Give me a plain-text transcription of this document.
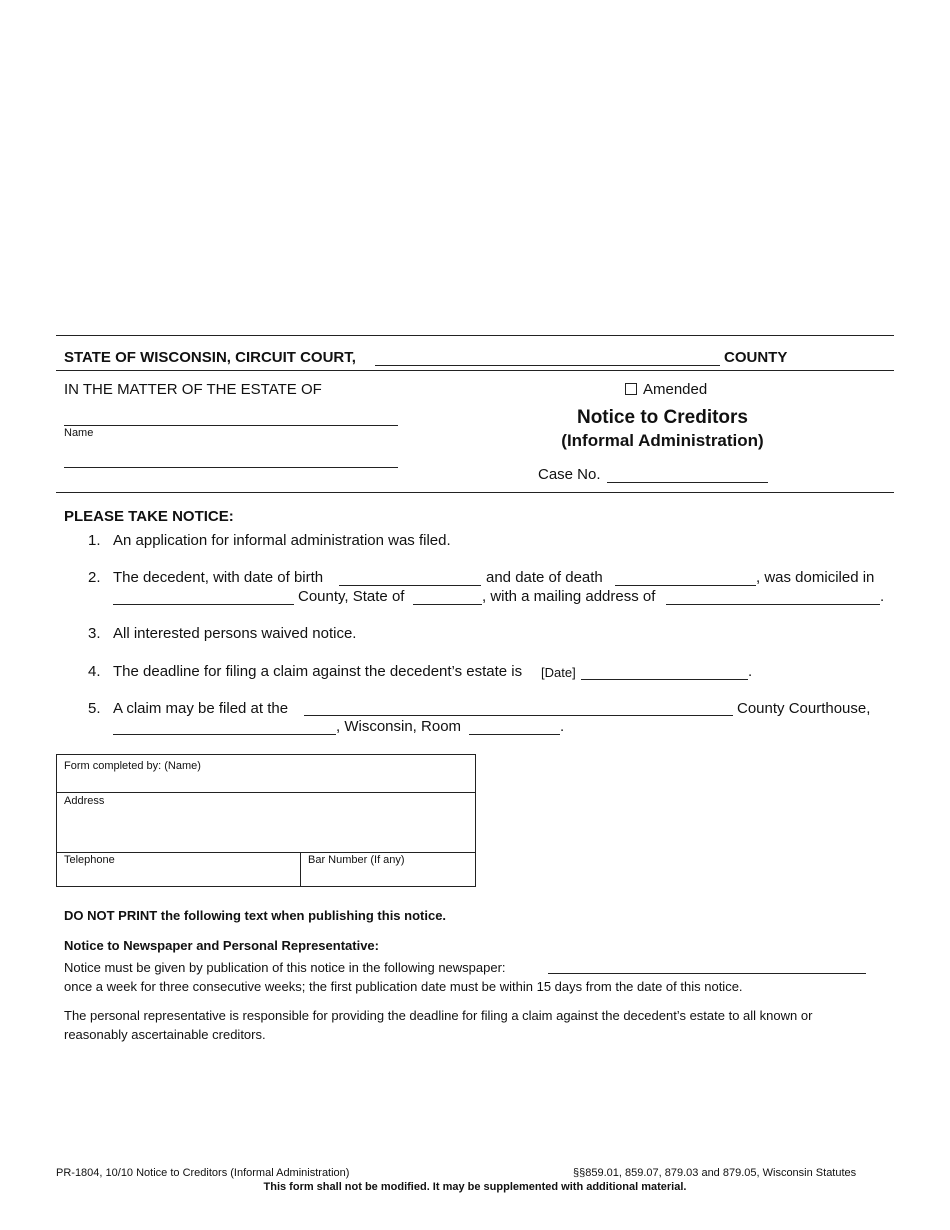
STATE OF WISCONSIN, CIRCUIT COURT,	COUNTY
IN THE MATTER OF THE ESTATE OF	Amended
Name
Notice to Creditors
(Informal Administration)
Case No.
PLEASE TAKE NOTICE:
1. An application for informal administration was filed.
2. The decedent, with date of birth	and date of death	, was domiciled in
County, State of	, with a mailing address of	.
3. All interested persons waived notice.
4. The deadline for filing a claim against the decedent’s estate is [Date]	.
5. A claim may be filed at the	County Courthouse,
, Wisconsin, Room	.
Form completed by: (Name)
Address
Telephone	Bar Number (If any)
DO NOT PRINT the following text when publishing this notice.
Notice to Newspaper and Personal Representative:
Notice must be given by publication of this notice in the following newspaper:
once a week for three consecutive weeks; the first publication date must be within 15 days from the date of this notice.
The personal representative is responsible for providing the deadline for filing a claim against the decedent’s estate to all known or
reasonably ascertainable creditors.
PR-1804, 10/10 Notice to Creditors (Informal Administration)	§§859.01, 859.07, 879.03 and 879.05, Wisconsin Statutes
This form shall not be modified. It may be supplemented with additional material.
